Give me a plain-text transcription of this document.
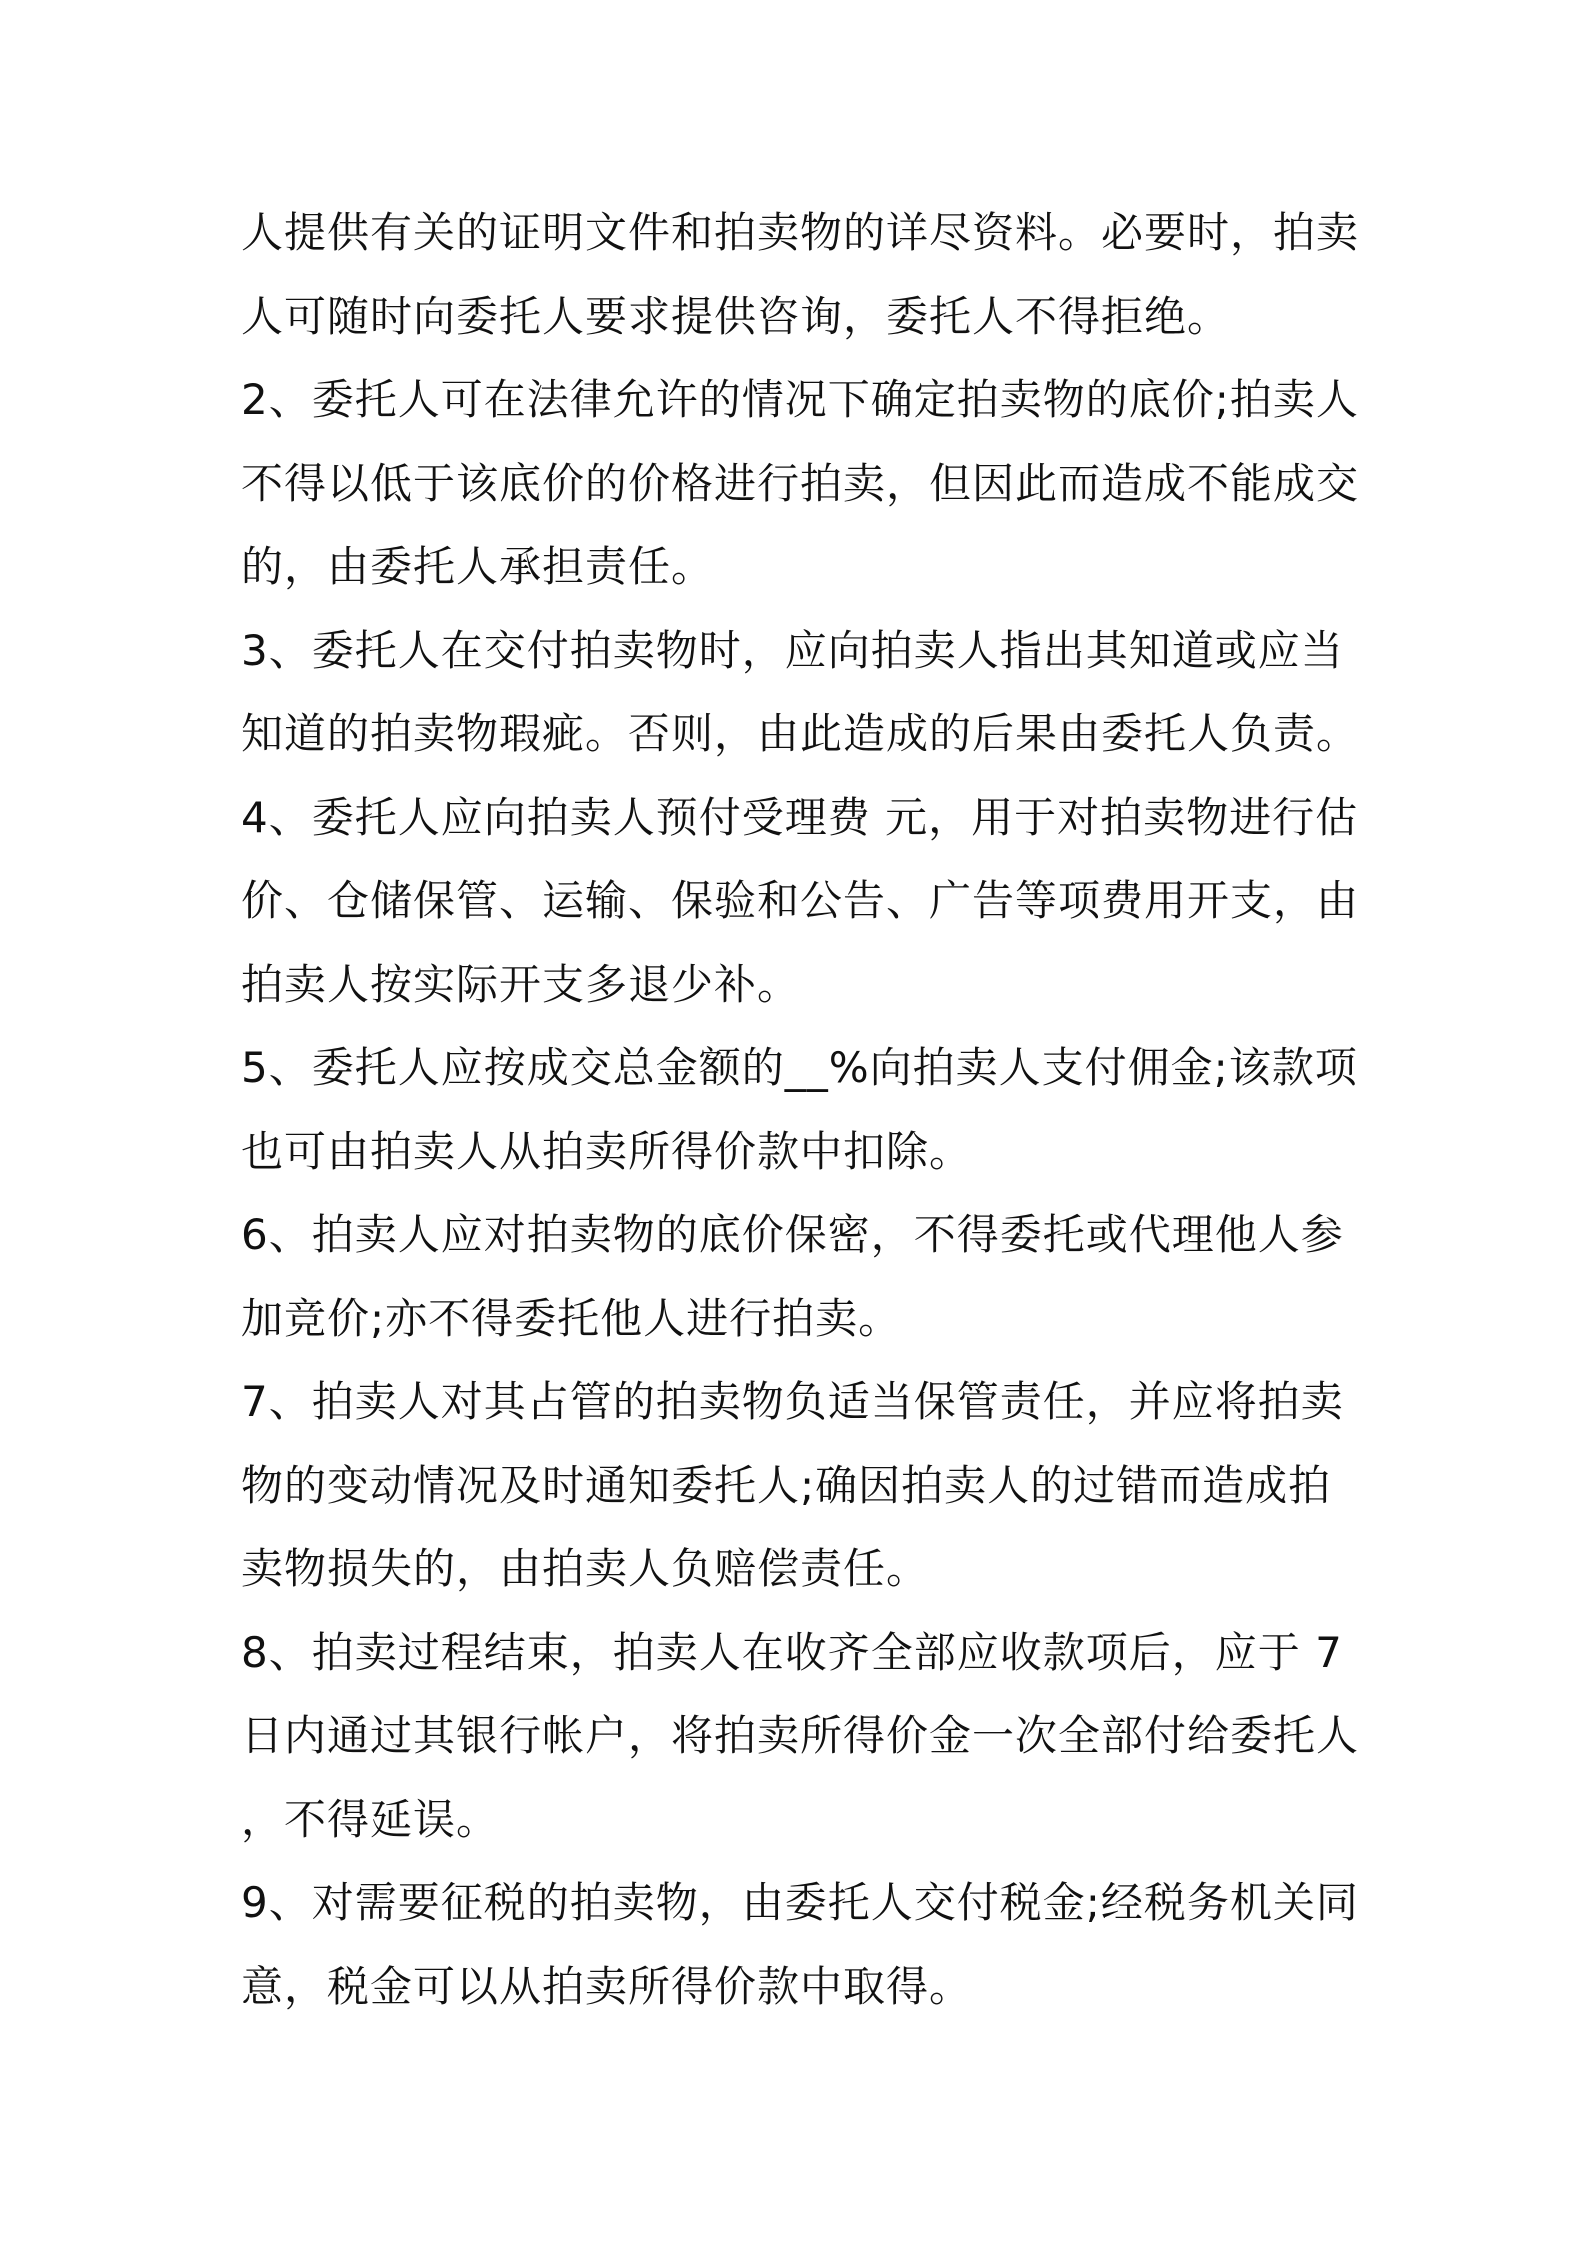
人提供有关的证明文件和拍卖物的详尽资料。必要时，拍卖
人可随时向委托人要求提供咨询，委托人不得拒绝。
2、委托人可在法律允许的情况下确定拍卖物的底价;拍卖人
不得以低于该底价的价格进行拍卖，但因此而造成不能成交
的，由委托人承担责任。
3、委托人在交付拍卖物时，应向拍卖人指出其知道或应当
知道的拍卖物瑕疵。否则，由此造成的后果由委托人负责。
4、委托人应向拍卖人预付受理费 元，用于对拍卖物进行估
价、仓储保管、运输、保验和公告、广告等项费用开支，由
拍卖人按实际开支多退少补。
5、委托人应按成交总金额的__%向拍卖人支付佣金;该款项
也可由拍卖人从拍卖所得价款中扣除。
6、拍卖人应对拍卖物的底价保密，不得委托或代理他人参
加竞价;亦不得委托他人进行拍卖。
7、拍卖人对其占管的拍卖物负适当保管责任，并应将拍卖
物的变动情况及时通知委托人;确因拍卖人的过错而造成拍
卖物损失的，由拍卖人负赔偿责任。
8、拍卖过程结束，拍卖人在收齐全部应收款项后，应于 7
日内通过其银行帐户，将拍卖所得价金一次全部付给委托人
，不得延误。
9、对需要征税的拍卖物，由委托人交付税金;经税务机关同
意，税金可以从拍卖所得价款中取得。
